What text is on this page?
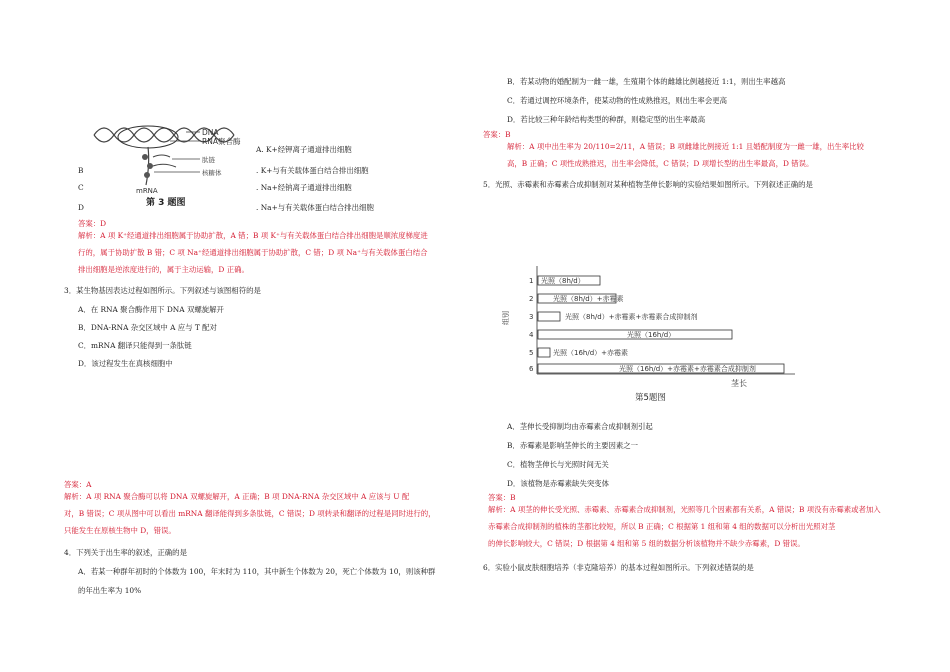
DNA
RNA聚合酶
肽链
核糖体
mRNA
第 3 题图
A. K+经钾离子通道排出细胞
B	. K+与有关载体蛋白结合排出细胞
C	. Na+经钠离子通道排出细胞
D	. Na+与有关载体蛋白结合排出细胞
答案：D
解析：A 项 K⁺经通道排出细胞属于协助扩散，A 错；B 项 K⁺与有关载体蛋白结合排出细胞是顺浓度梯度进
行的，属于协助扩散 B 错；C 项 Na⁺经通道排出细胞属于协助扩散，C 错；D 项 Na⁺与有关载体蛋白结合
排出细胞是逆浓度进行的，属于主动运输，D 正确。
3．某生物基因表达过程如图所示。下列叙述与该图相符的是
A．在 RNA 聚合酶作用下 DNA 双螺旋解开
B．DNA-RNA 杂交区域中 A 应与 T 配对
C．mRNA 翻译只能得到一条肽链
D．该过程发生在真核细胞中
答案：A
解析：A 项 RNA 聚合酶可以将 DNA 双螺旋解开，A 正确；B 项 DNA-RNA 杂交区域中 A 应该与 U 配
对，B 错误；C 项从图中可以看出 mRNA 翻译能得到多条肽链，C 错误；D 项转录和翻译的过程是同时进行的，
只能发生在原核生物中 D，错误。
4．下列关于出生率的叙述，正确的是
A．若某一种群年初时的个体数为 100，年末时为 110，其中新生个体数为 20，死亡个体数为 10，则该种群
的年出生率为 10%
B．若某动物的婚配制为一雌一雄，生殖期个体的雌雄比例越接近 1:1，则出生率越高
C．若通过调控环境条件，使某动物的性成熟推迟，则出生率会更高
D．若比较三种年龄结构类型的种群，则稳定型的出生率最高
答案：B
解析：A 项中出生率为 20/110=2/11，A 错误；B 项雌雄比例接近 1:1 且婚配制度为一雌一雄，出生率比较
高，B 正确；C 项性成熟推迟，出生率会降低，C 错误；D 项增长型的出生率最高，D 错误。
5．光照、赤霉素和赤霉素合成抑制剂对某种植物茎伸长影响的实验结果如图所示。下列叙述正确的是
1
2
3
4
5
6
组别
光照（8h/d）
光照（8h/d）+赤霉素
光照（8h/d）+赤霉素+赤霉素合成抑制剂
光照（16h/d）
光照（16h/d）+赤霉素
光照（16h/d）+赤霉素+赤霉素合成抑制剂
茎长
第5题图
A．茎伸长受抑制均由赤霉素合成抑制剂引起
B．赤霉素是影响茎伸长的主要因素之一
C．植物茎伸长与光照时间无关
D．该植物是赤霉素缺失突变体
答案：B
解析：A 项茎的伸长受光照、赤霉素、赤霉素合成抑制剂，光照等几个因素都有关系，A 错误；B 项没有赤霉素或者加入
赤霉素合成抑制剂的植株的茎都比较短，所以 B 正确；C 根据第 1 组和第 4 组的数据可以分析出光照对茎
的伸长影响较大，C 错误；D 根据第 4 组和第 5 组的数据分析该植物并不缺少赤霉素，D 错误。
6．实验小鼠皮肤细胞培养（非克隆培养）的基本过程如图所示。下列叙述错误的是
